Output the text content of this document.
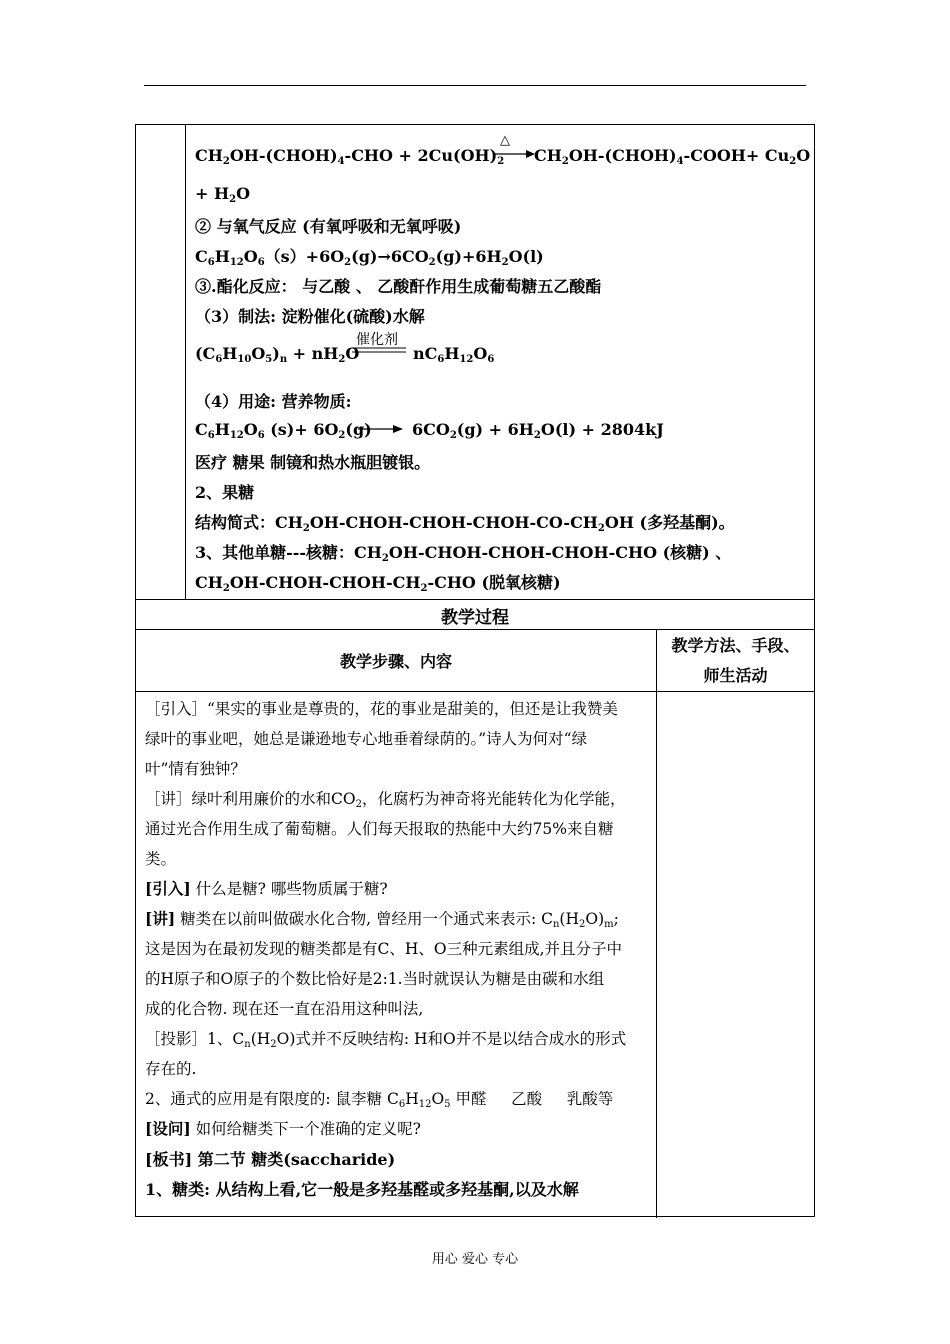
$CH_2OH-(CHOH)_4$-CHO + $2Cu(OH)_2$
△
$CH_2OH-(CHOH)_4-COOH+ Cu_2O$
+ $H_2O$
② 与氧气反应 (有氧呼吸和无氧呼吸)
$C_6H_{12}O_6(s)+6O_2(g)\to 6CO_2(g)+6H_2O(l)$
③.酯化反应： 与乙酸 、 乙酸酐作用生成葡萄糖五乙酸酯
（3）制法: 淀粉催化(硫酸)水解
$(C_6H_{10}O_5)_n + nH_2O$
催化剂
$nC_6H_{12}O_6$
（4）用途: 营养物质:
$C_6H_{12}O_6$ $(s)+ 6O_2(g) \to 6CO_2(g) + 6H_2O(l) + 2804kJ$
医疗 糖果 制镜和热水瓶胆镀银。
2、果糖
结构简式：$CH_2OH-CHOH-CHOH-CHOH-CO-CH_2OH$ (多羟基酮)。
3、其他单糖---核糖：$CH_2OH-CHOH-CHOH-CHOH$-CHO (核糖) 、
$CH_2OH-CHOH-CHOH-CH_2$-CHO (脱氧核糖)
教学过程
教学步骤、内容
教学方法、手段、
师生活动
［引入］“果实的事业是尊贵的，花的事业是甜美的，但还是让我赞美
绿叶的事业吧，她总是谦逊地专心地垂着绿荫的。”诗人为何对“绿
叶”情有独钟？
［讲］绿叶利用廉价的水和$CO_2$，化腐朽为神奇将光能转化为化学能，
通过光合作用生成了葡萄糖。人们每天报取的热能中大约75%来自糖
类。
[引入] 什么是糖? 哪些物质属于糖?
[讲] 糖类在以前叫做碳水化合物, 曾经用一个通式来表示: $C_n(H_2O)_m$;
这是因为在最初发现的糖类都是有C、H、O三种元素组成,并且分子中
的H原子和O原子的个数比恰好是2:1.当时就误认为糖是由碳和水组
成的化合物. 现在还一直在沿用这种叫法,
［投影］1、$C_n(H_2O)$式并不反映结构: H和O并不是以结合成水的形式
存在的.
2、通式的应用是有限度的: 鼠李糖 $C_6H_{12}O_5$ 甲醛     乙酸     乳酸等
[设问] 如何给糖类下一个准确的定义呢?
[板书] 第二节 糖类(saccharide)
1、糖类: 从结构上看,它一般是多羟基醛或多羟基酮,以及水解
用心 爱心 专心
